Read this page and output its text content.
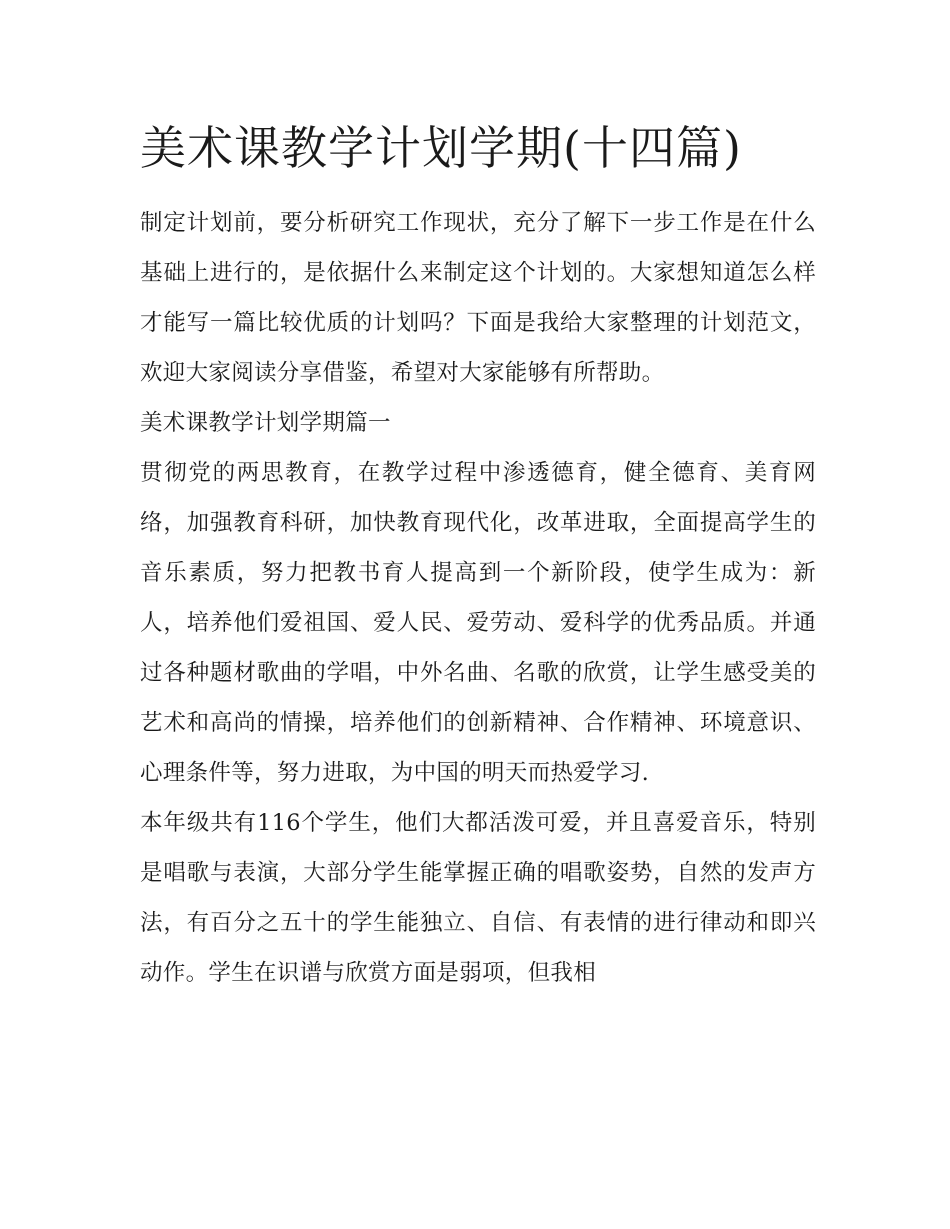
美术课教学计划学期(十四篇)

制定计划前，要分析研究工作现状，充分了解下一步工作是在什么基础上进行的，是依据什么来制定这个计划的。大家想知道怎么样才能写一篇比较优质的计划吗？下面是我给大家整理的计划范文，欢迎大家阅读分享借鉴，希望对大家能够有所帮助。

美术课教学计划学期篇一

贯彻党的两思教育，在教学过程中渗透德育，健全德育、美育网络，加强教育科研，加快教育现代化，改革进取，全面提高学生的音乐素质，努力把教书育人提高到一个新阶段，使学生成为：新人，培养他们爱祖国、爱人民、爱劳动、爱科学的优秀品质。并通过各种题材歌曲的学唱，中外名曲、名歌的欣赏，让学生感受美的艺术和高尚的情操，培养他们的创新精神、合作精神、环境意识、心理条件等，努力进取，为中国的明天而热爱学习.

本年级共有116个学生，他们大都活泼可爱，并且喜爱音乐，特别是唱歌与表演，大部分学生能掌握正确的唱歌姿势，自然的发声方法，有百分之五十的学生能独立、自信、有表情的进行律动和即兴动作。学生在识谱与欣赏方面是弱项，但我相
